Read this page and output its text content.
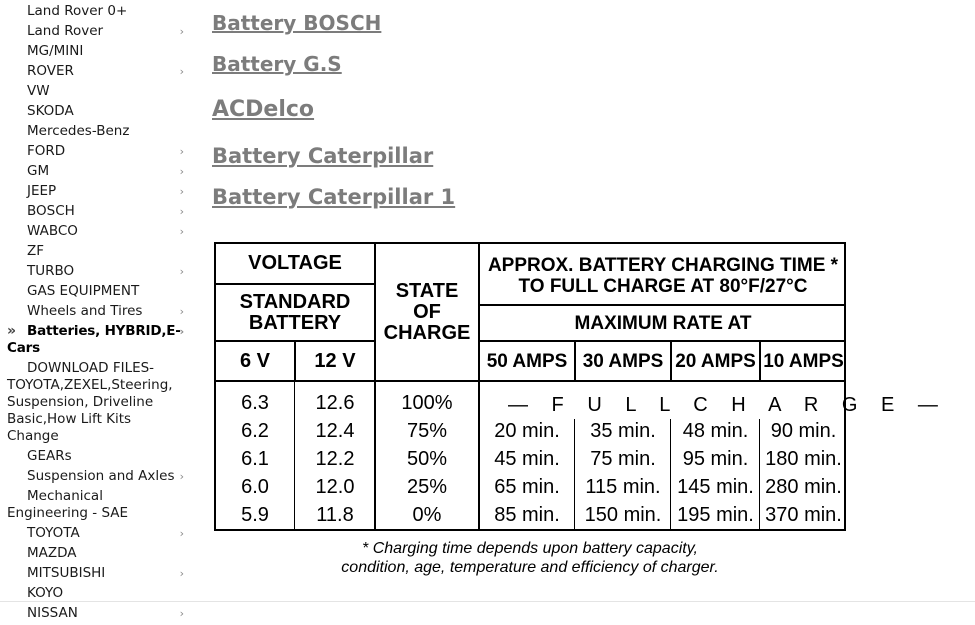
Land Rover 0+
Land Rover	›
MG/MINI
ROVER	›
VW
SKODA
Mercedes-Benz
FORD	›
GM	›
JEEP	›
BOSCH	›
WABCO	›
ZF
TURBO	›
GAS EQUIPMENT
Wheels and Tires	›
» Batteries, HYBRID,E-Cars
›
DOWNLOAD FILES-TOYOTA,ZEXEL,Steering, Suspension, Driveline Basic,How Lift Kits Change
GEARs
Suspension and Axles ›
Mechanical Engineering - SAE
TOYOTA	›
MAZDA
MITSUBISHI	›
KOYO
NISSAN	›
Battery BOSCH
Battery G.S
ACDelco
Battery Caterpillar
Battery Caterpillar 1
VOLTAGE
STANDARD BATTERY
STATE OF CHARGE
APPROX. BATTERY CHARGING TIME * TO FULL CHARGE AT 80°F/27°C
MAXIMUM RATE AT
6 V	12 V	50 AMPS 30 AMPS 20 AMPS 10 AMPS
— F U L L C H A R G E —
6.3	12.6	100%
6.2	12.4	75%	20 min.	35 min.	48 min.	90 min.
6.1	12.2	50%	45 min.	75 min.	95 min. 180 min.
6.0	12.0	25%	65 min.	115 min. 145 min. 280 min.
5.9	11.8	0%	85 min.	150 min. 195 min. 370 min.
* Charging time depends upon battery capacity, condition, age, temperature and efficiency of charger.
